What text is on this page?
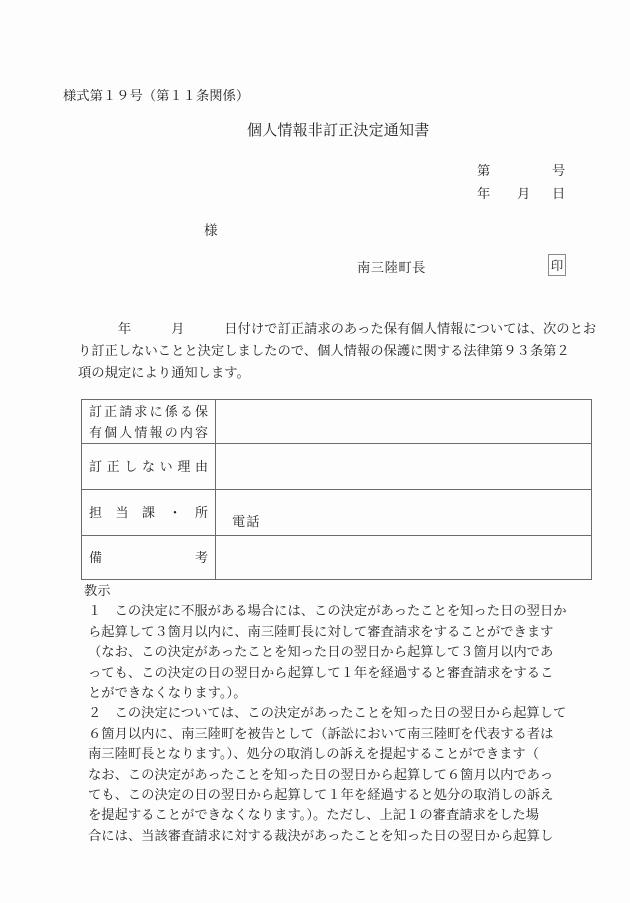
様式第１９号（第１１条関係）
個人情報非訂正決定通知書
第	号
年 月 日
様
南三陸町長	印
　　　年　　　月　　　日付けで訂正請求のあった保有個人情報については、次のとお
り訂正しないことと決定しましたので、個人情報の保護に関する法律第９３条第２
項の規定により通知します。
訂正請求に係る保
有個人情報の内容	

訂正しない理由	
担当課・所	電話

備考	
教示
１　この決定に不服がある場合には、この決定があったことを知った日の翌日か
ら起算して３箇月以内に、南三陸町長に対して審査請求をすることができます
（なお、この決定があったことを知った日の翌日から起算して３箇月以内であ
っても、この決定の日の翌日から起算して１年を経過すると審査請求をするこ
とができなくなります。）。
２　この決定については、この決定があったことを知った日の翌日から起算して
６箇月以内に、南三陸町を被告として（訴訟において南三陸町を代表する者は
南三陸町長となります。）、処分の取消しの訴えを提起することができます（
なお、この決定があったことを知った日の翌日から起算して６箇月以内であっ
ても、この決定の日の翌日から起算して１年を経過すると処分の取消しの訴え
を提起することができなくなります。）。ただし、上記１の審査請求をした場
合には、当該審査請求に対する裁決があったことを知った日の翌日から起算し
